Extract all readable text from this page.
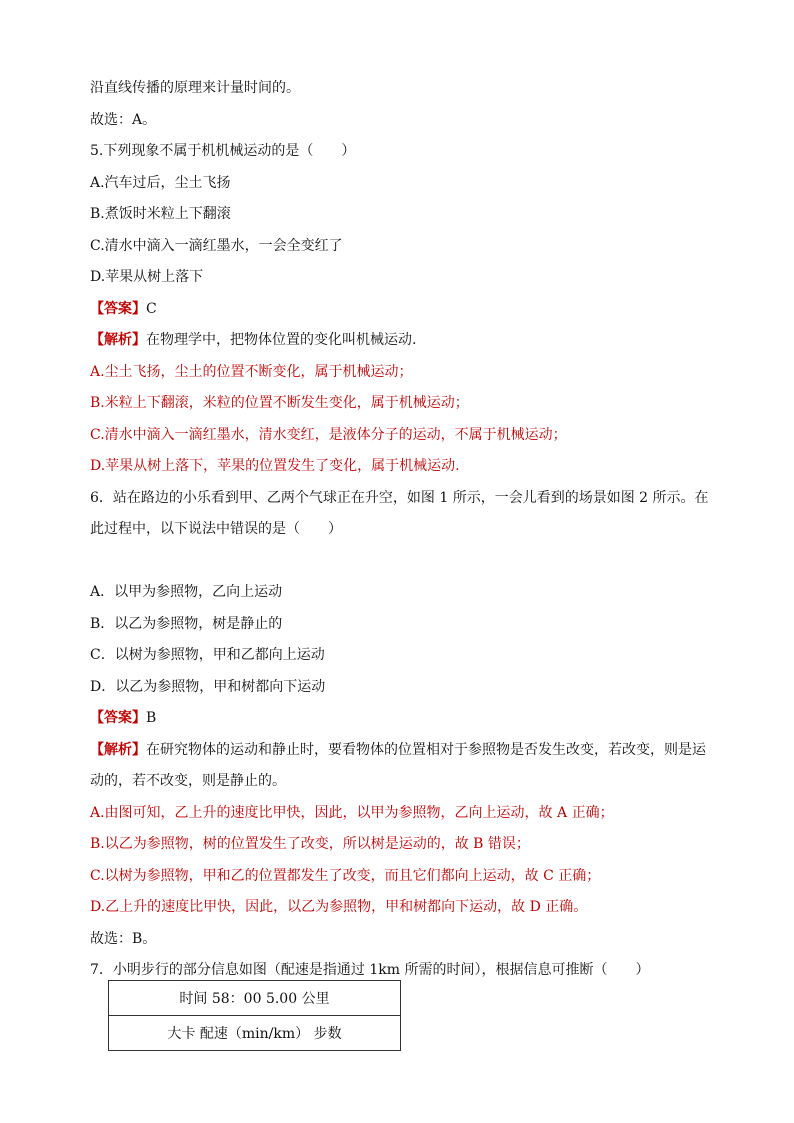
沿直线传播的原理来计量时间的。
故选：A。
5.下列现象不属于机机械运动的是（　　）
A.汽车过后，尘土飞扬
B.煮饭时米粒上下翻滚
C.清水中滴入一滴红墨水，一会全变红了
D.苹果从树上落下
【答案】C
【解析】在物理学中，把物体位置的变化叫机械运动.
A.尘土飞扬，尘土的位置不断变化，属于机械运动；
B.米粒上下翻滚，米粒的位置不断发生变化，属于机械运动；
C.清水中滴入一滴红墨水，清水变红，是液体分子的运动，不属于机械运动；
D.苹果从树上落下，苹果的位置发生了变化，属于机械运动.
6．站在路边的小乐看到甲、乙两个气球正在升空，如图 1 所示，一会儿看到的场景如图 2 所示。在
此过程中，以下说法中错误的是（　　）
A．以甲为参照物，乙向上运动
B．以乙为参照物，树是静止的
C．以树为参照物，甲和乙都向上运动
D．以乙为参照物，甲和树都向下运动
【答案】B
【解析】在研究物体的运动和静止时，要看物体的位置相对于参照物是否发生改变，若改变，则是运
动的，若不改变，则是静止的。
A.由图可知，乙上升的速度比甲快，因此，以甲为参照物，乙向上运动，故 A 正确；
B.以乙为参照物，树的位置发生了改变，所以树是运动的，故 B 错误；
C.以树为参照物，甲和乙的位置都发生了改变，而且它们都向上运动，故 C 正确；
D.乙上升的速度比甲快，因此，以乙为参照物，甲和树都向下运动，故 D 正确。
故选：B。
7．小明步行的部分信息如图（配速是指通过 1km 所需的时间），根据信息可推断（　　）
时间 58：00 5.00 公里
大卡 配速（min/km） 步数
